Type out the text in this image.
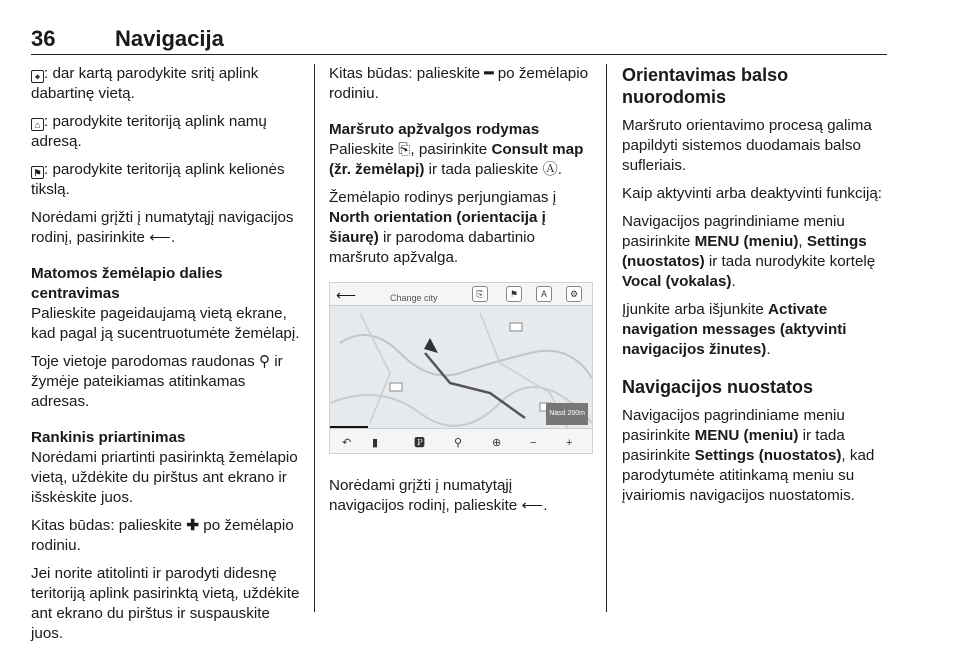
36	Navigacija

⌖ : dar kartą parodykite sritį aplink dabartinę vietą.

⌂ : parodykite teritoriją aplink namų adresą.

⚑ : parodykite teritoriją aplink kelionės tikslą.

Norėdami grįžti į numatytąjį navigacijos rodinį, pasirinkite ⟵.

Matomos žemėlapio dalies centravimas

Palieskite pageidaujamą vietą ekrane, kad pagal ją sucentruotumėte žemėlapį.

Toje vietoje parodomas raudonas ⚲ ir žymėje pateikiamas atitinkamas adresas.

Rankinis priartinimas

Norėdami priartinti pasirinktą žemėlapio vietą, uždėkite du pirštus ant ekrano ir išskėskite juos.

Kitas būdas: palieskite ✚ po žemėlapio rodiniu.

Jei norite atitolinti ir parodyti didesnę teritoriją aplink pasirinktą vietą, uždėkite ant ekrano du pirštus ir suspauskite juos.

Kitas būdas: palieskite ━ po žemėlapio rodiniu.

Maršruto apžvalgos rodymas

Palieskite ⎘, pasirinkite Consult map (žr. žemėlapį) ir tada palieskite Ⓐ.

Žemėlapio rodinys perjungiamas į North orientation (orientacija į šiaurę) ir parodoma dabartinio maršruto apžvalga.

⟵	Change city	⎘	⚑	A	⚙
Nasd 200m
↶ ▮	🅿	⚲	⊕	−	+

Norėdami grįžti į numatytąjį navigacijos rodinį, palieskite ⟵.

Orientavimas balso nuorodomis

Maršruto orientavimo procesą galima papildyti sistemos duodamais balso sufleriais.

Kaip aktyvinti arba deaktyvinti funkciją:

Navigacijos pagrindiniame meniu pasirinkite MENU (meniu), Settings (nuostatos) ir tada nurodykite kortelę Vocal (vokalas).

Įjunkite arba išjunkite Activate navigation messages (aktyvinti navigacijos žinutes).

Navigacijos nuostatos

Navigacijos pagrindiniame meniu pasirinkite MENU (meniu) ir tada pasirinkite Settings (nuostatos), kad parodytumėte atitinkamą meniu su įvairiomis navigacijos nuostatomis.
